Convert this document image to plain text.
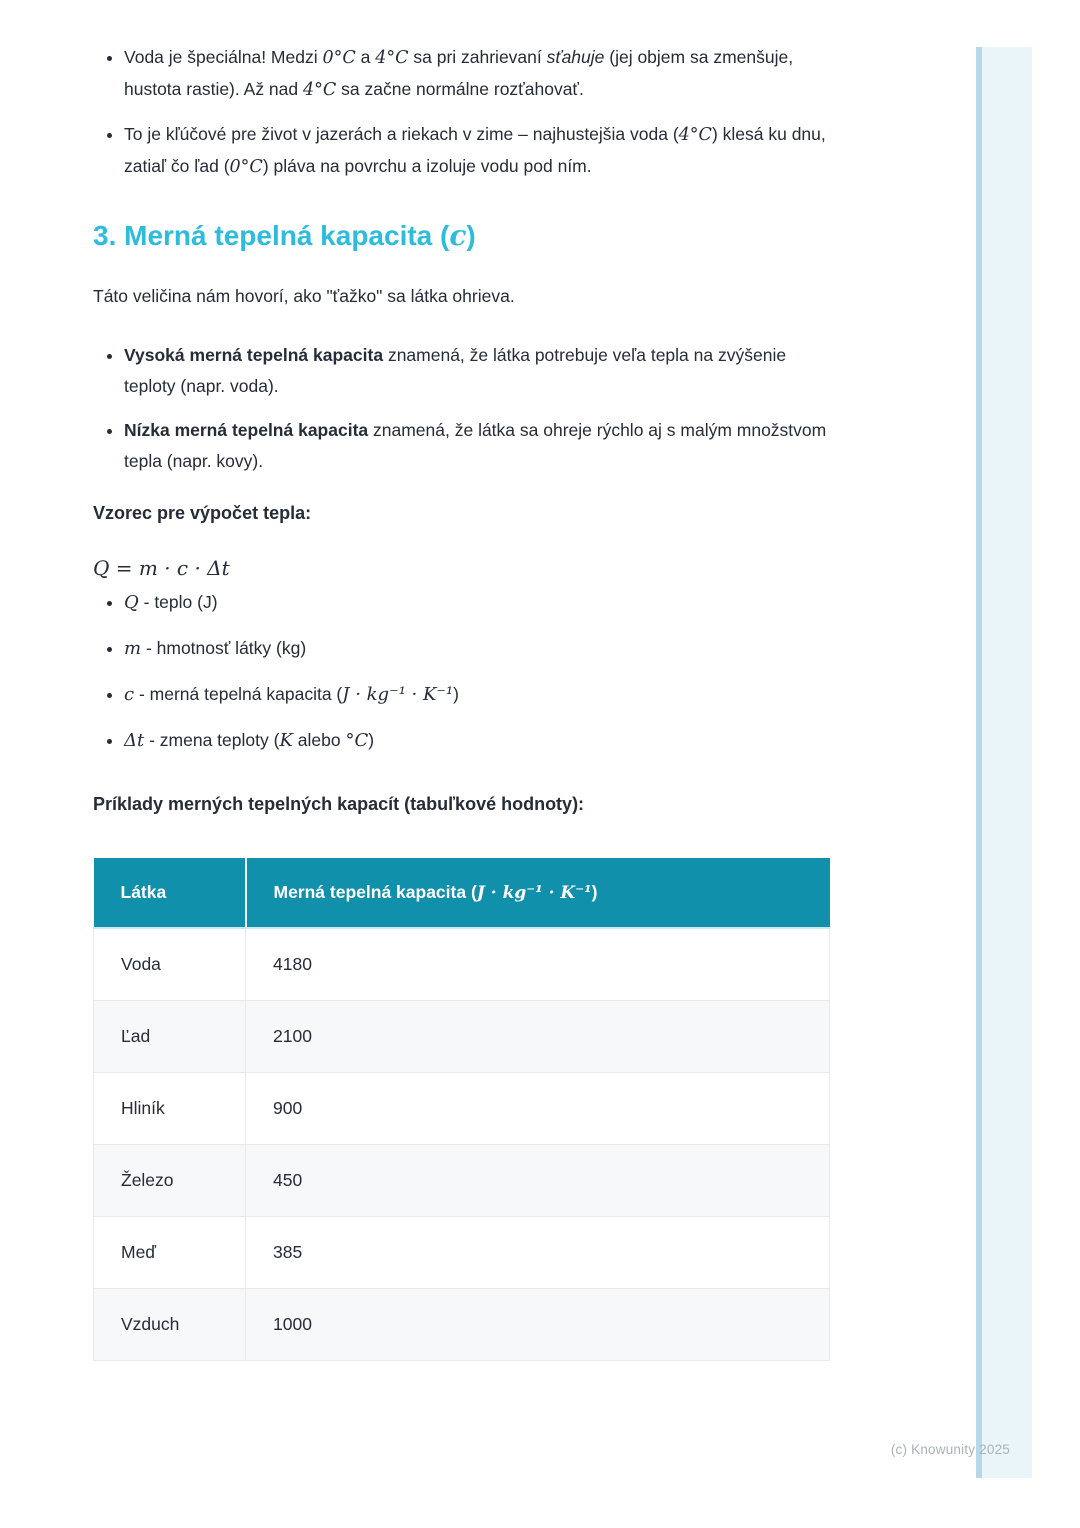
• Voda je špeciálna! Medzi 0°C a 4°C sa pri zahrievaní sťahuje (jej objem sa zmenšuje, hustota rastie). Až nad 4°C sa začne normálne rozťahovať.
• To je kľúčové pre život v jazerách a riekach v zime – najhustejšia voda (4°C) klesá ku dnu, zatiaľ čo ľad (0°C) pláva na povrchu a izoluje vodu pod ním.
3. Merná tepelná kapacita (c)

Táto veličina nám hovorí, ako "ťažko" sa látka ohrieva.

• Vysoká merná tepelná kapacita znamená, že látka potrebuje veľa tepla na zvýšenie teploty (napr. voda).
• Nízka merná tepelná kapacita znamená, že látka sa ohreje rýchlo aj s malým množstvom tepla (napr. kovy).

Vzorec pre výpočet tepla:

Q = m · c · Δt

• Q - teplo (J)
• m - hmotnosť látky (kg)
• c - merná tepelná kapacita (J · kg⁻¹ · K⁻¹)
• Δt - zmena teploty (K alebo °C)

Príklady merných tepelných kapacít (tabuľkové hodnoty):

Látka	Merná tepelná kapacita (J · kg⁻¹ · K⁻¹)
Voda	4180
Ľad	2100
Hliník	900
Železo	450
Meď	385
Vzduch	1000
(c) Knowunity 2025
